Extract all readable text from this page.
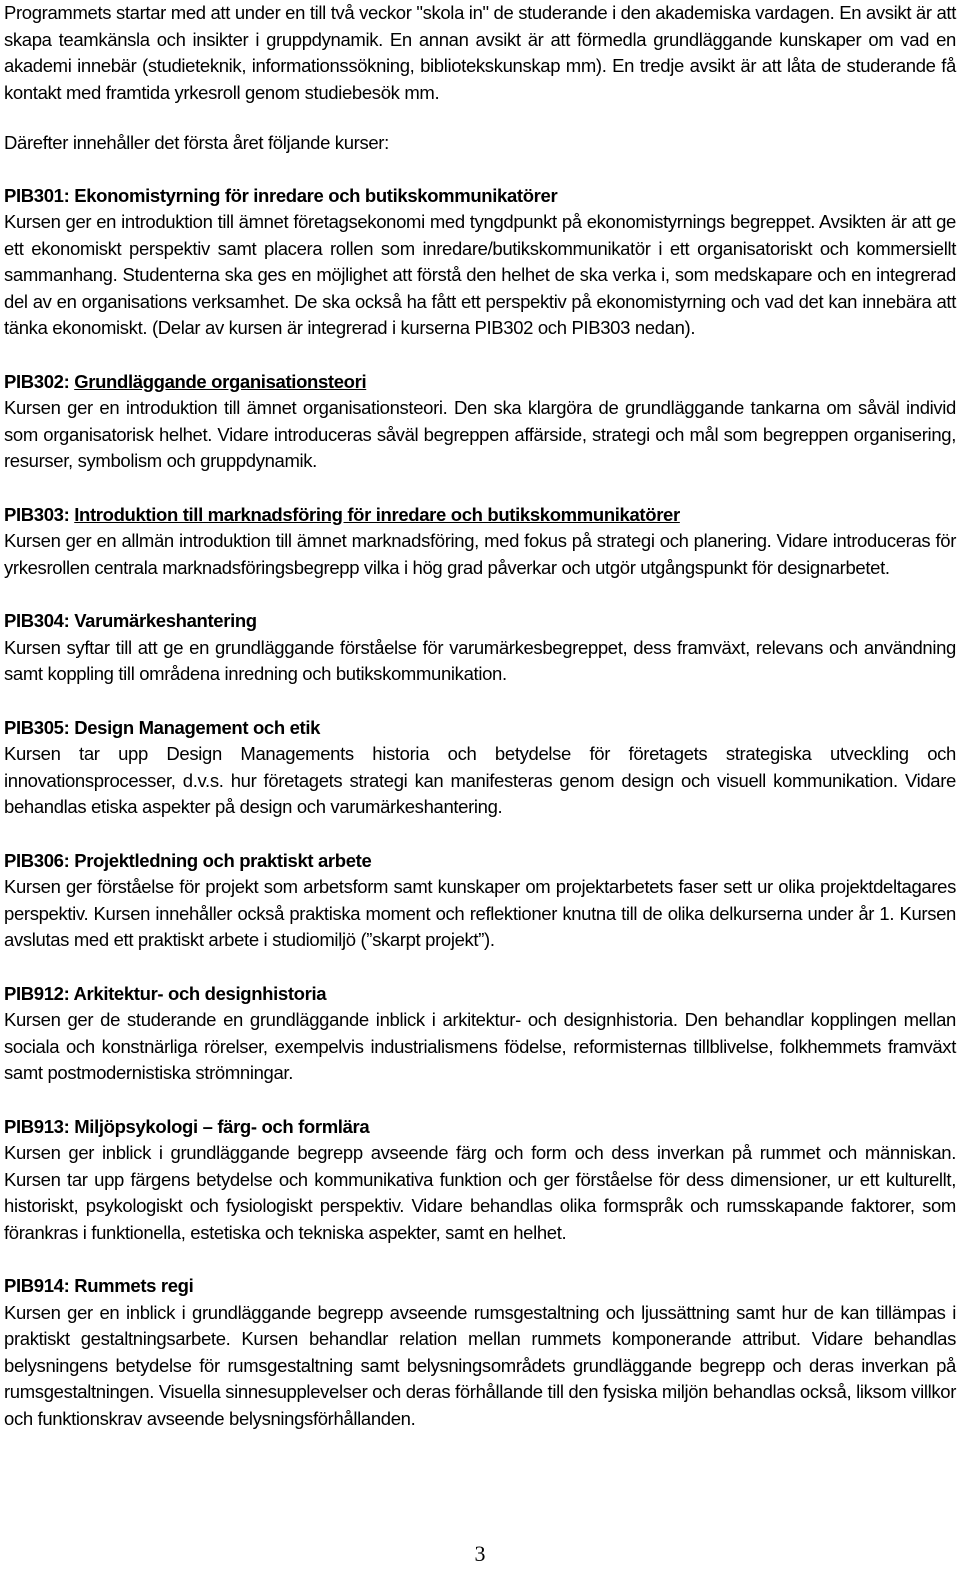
Programmets startar med att under en till två veckor "skola in" de studerande i den akademiska vardagen. En avsikt är att skapa teamkänsla och insikter i gruppdynamik. En annan avsikt är att förmedla grundläggande kunskaper om vad en akademi innebär (studieteknik, informationssökning, bibliotekskunskap mm). En tredje avsikt är att låta de studerande få kontakt med framtida yrkesroll genom studiebesök mm.

Därefter innehåller det första året följande kurser:

PIB301: Ekonomistyrning för inredare och butikskommunikatörer

Kursen ger en introduktion till ämnet företagsekonomi med tyngdpunkt på ekonomistyrnings begreppet. Avsikten är att ge ett ekonomiskt perspektiv samt placera rollen som inredare/butikskommunikatör i ett organisatoriskt och kommersiellt sammanhang. Studenterna ska ges en möjlighet att förstå den helhet de ska verka i, som medskapare och en integrerad del av en organisations verksamhet. De ska också ha fått ett perspektiv på ekonomistyrning och vad det kan innebära att tänka ekonomiskt. (Delar av kursen är integrerad i kurserna PIB302 och PIB303 nedan).

PIB302: Grundläggande organisationsteori

Kursen ger en introduktion till ämnet organisationsteori. Den ska klargöra de grundläggande tankarna om såväl individ som organisatorisk helhet. Vidare introduceras såväl begreppen affärside, strategi och mål som begreppen organisering, resurser, symbolism och gruppdynamik.

PIB303: Introduktion till marknadsföring för inredare och butikskommunikatörer

Kursen ger en allmän introduktion till ämnet marknadsföring, med fokus på strategi och planering. Vidare introduceras för yrkesrollen centrala marknadsföringsbegrepp vilka i hög grad påverkar och utgör utgångspunkt för designarbetet.

PIB304: Varumärkeshantering

Kursen syftar till att ge en grundläggande förståelse för varumärkesbegreppet, dess framväxt, relevans och användning samt koppling till områdena inredning och butikskommunikation.

PIB305: Design Management och etik

Kursen tar upp Design Managements historia och betydelse för företagets strategiska utveckling och innovationsprocesser, d.v.s. hur företagets strategi kan manifesteras genom design och visuell kommunikation. Vidare behandlas etiska aspekter på design och varumärkeshantering.

PIB306: Projektledning och praktiskt arbete

Kursen ger förståelse för projekt som arbetsform samt kunskaper om projektarbetets faser sett ur olika projektdeltagares perspektiv. Kursen innehåller också praktiska moment och reflektioner knutna till de olika delkurserna under år 1. Kursen avslutas med ett praktiskt arbete i studiomiljö (”skarpt projekt”).

PIB912: Arkitektur- och designhistoria

Kursen ger de studerande en grundläggande inblick i arkitektur- och designhistoria. Den behandlar kopplingen mellan sociala och konstnärliga rörelser, exempelvis industrialismens födelse, reformisternas tillblivelse, folkhemmets framväxt samt postmodernistiska strömningar.

PIB913: Miljöpsykologi – färg- och formlära

Kursen ger inblick i grundläggande begrepp avseende färg och form och dess inverkan på rummet och människan. Kursen tar upp färgens betydelse och kommunikativa funktion och ger förståelse för dess dimensioner, ur ett kulturellt, historiskt, psykologiskt och fysiologiskt perspektiv. Vidare behandlas olika formspråk och rumsskapande faktorer, som förankras i funktionella, estetiska och tekniska aspekter, samt en helhet.

PIB914: Rummets regi

Kursen ger en inblick i grundläggande begrepp avseende rumsgestaltning och ljussättning samt hur de kan tillämpas i praktiskt gestaltningsarbete. Kursen behandlar relation mellan rummets komponerande attribut. Vidare behandlas belysningens betydelse för rumsgestaltning samt belysningsområdets grundläggande begrepp och deras inverkan på rumsgestaltningen. Visuella sinnesupplevelser och deras förhållande till den fysiska miljön behandlas också, liksom villkor och funktionskrav avseende belysningsförhållanden.

3
